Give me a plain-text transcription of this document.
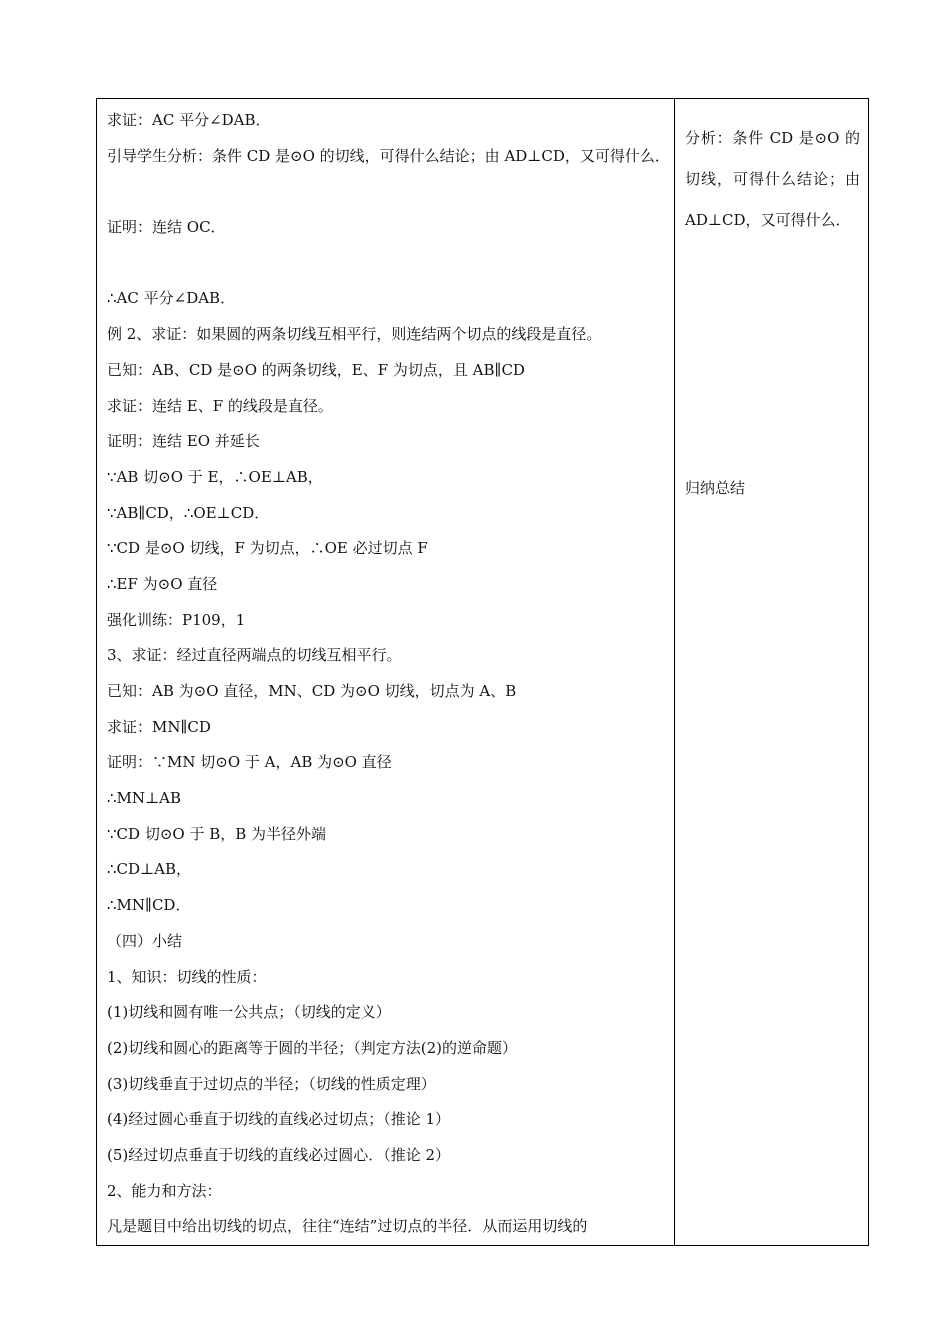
求证：AC 平分∠DAB．
引导学生分析：条件 CD 是⊙O 的切线，可得什么结论；由 AD⊥CD，又可得什么．
证明：连结 OC．
∴AC 平分∠DAB．
例 2、求证：如果圆的两条切线互相平行，则连结两个切点的线段是直径。
已知：AB、CD 是⊙O 的两条切线，E、F 为切点，且 AB∥CD
求证：连结 E、F 的线段是直径。
证明：连结 EO 并延长
∵AB 切⊙O 于 E，∴OE⊥AB，
∵AB∥CD，∴OE⊥CD．
∵CD 是⊙O 切线，F 为切点，∴OE 必过切点 F
∴EF 为⊙O 直径
强化训练：P109，1
3、求证：经过直径两端点的切线互相平行。
已知：AB 为⊙O 直径，MN、CD 为⊙O 切线，切点为 A、B
求证：MN∥CD
证明：∵MN 切⊙O 于 A，AB 为⊙O 直径
∴MN⊥AB
∵CD 切⊙O 于 B，B 为半径外端
∴CD⊥AB，
∴MN∥CD．
（四）小结
1、知识：切线的性质：
(1)切线和圆有唯一公共点；（切线的定义）
(2)切线和圆心的距离等于圆的半径；（判定方法(2)的逆命题）
(3)切线垂直于过切点的半径；（切线的性质定理）
(4)经过圆心垂直于切线的直线必过切点；（推论 1）
(5)经过切点垂直于切线的直线必过圆心．（推论 2）
2、能力和方法：
凡是题目中给出切线的切点，往往“连结”过切点的半径．从而运用切线的

分析：条件 CD 是⊙O 的切线，可得什么结论；由 AD⊥CD，又可得什么．
归纳总结
